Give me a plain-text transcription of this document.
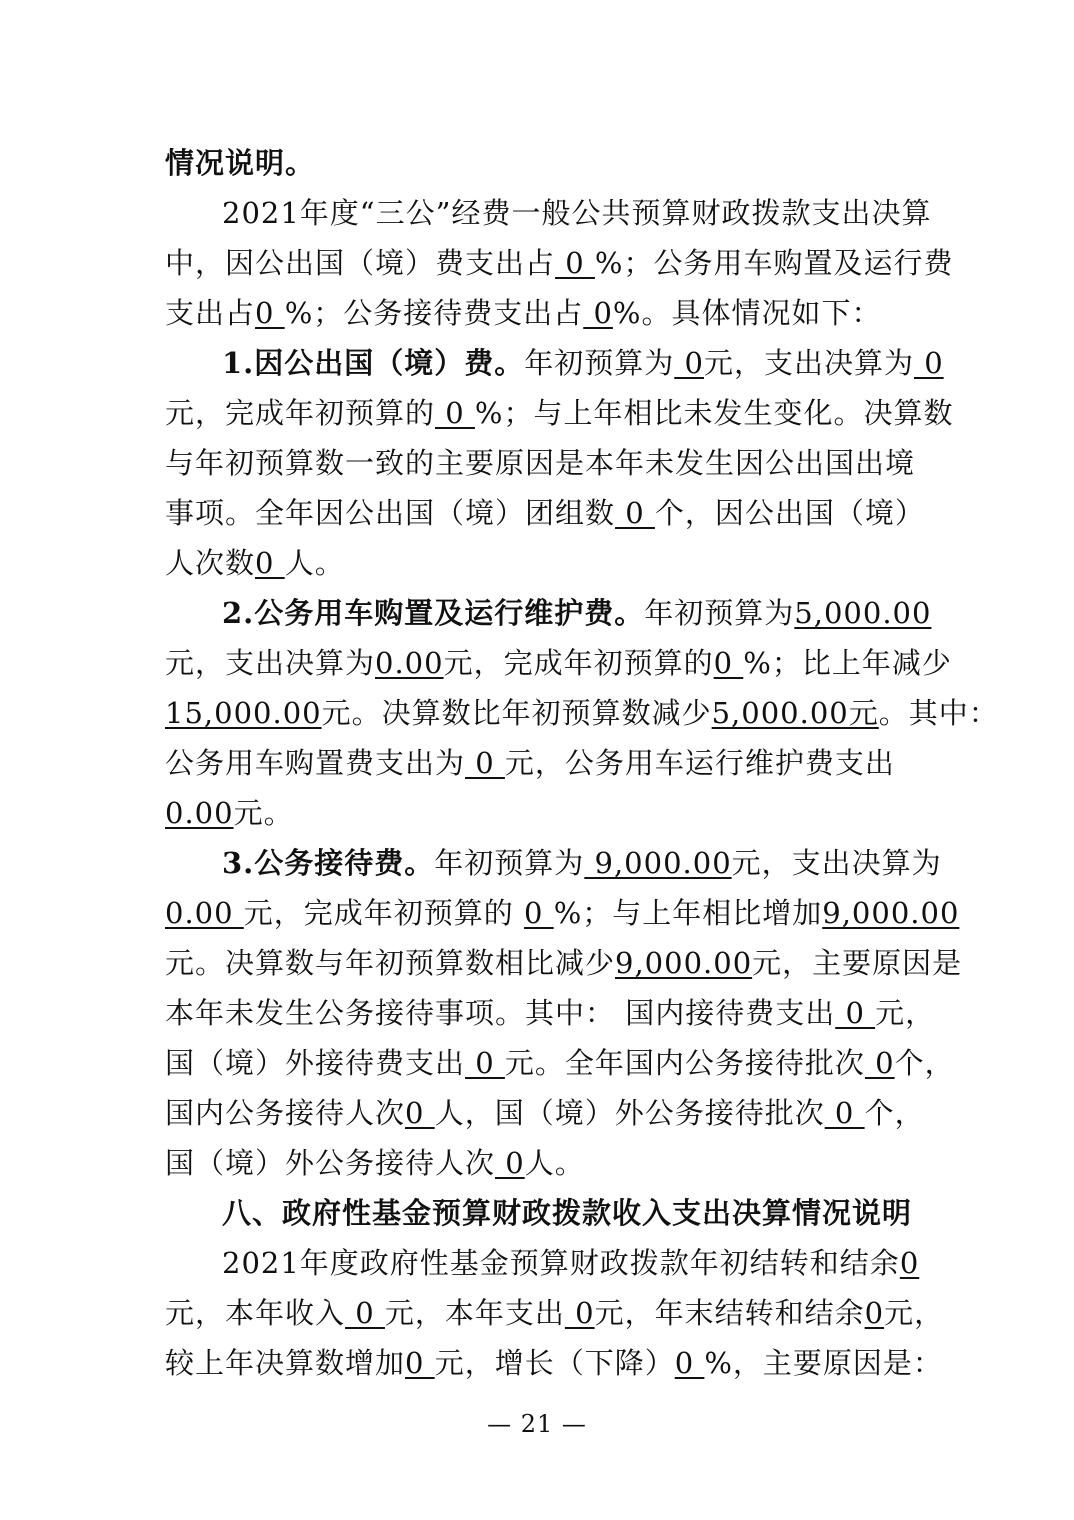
情况说明。
2021年度“三公”经费一般公共预算财政拨款支出决算
中，因公出国（境）费支出占 0 %；公务用车购置及运行费
支出占0 %；公务接待费支出占 0%。具体情况如下：
1.因公出国（境）费。年初预算为 0元，支出决算为 0
元，完成年初预算的 0 %；与上年相比未发生变化。决算数
与年初预算数一致的主要原因是本年未发生因公出国出境
事项。全年因公出国（境）团组数 0 个，因公出国（境）
人次数0 人。
2.公务用车购置及运行维护费。年初预算为5,000.00
元，支出决算为0.00元，完成年初预算的0 %；比上年减少
15,000.00元。决算数比年初预算数减少5,000.00元。其中：
公务用车购置费支出为 0 元，公务用车运行维护费支出
0.00元。
3.公务接待费。年初预算为 9,000.00元，支出决算为
0.00 元，完成年初预算的 0 %；与上年相比增加9,000.00
元。决算数与年初预算数相比减少9,000.00元，主要原因是
本年未发生公务接待事项。其中： 国内接待费支出 0 元，
国（境）外接待费支出 0 元。全年国内公务接待批次 0个，
国内公务接待人次0 人，国（境）外公务接待批次 0 个，
国（境）外公务接待人次 0人。
八、政府性基金预算财政拨款收入支出决算情况说明
2021年度政府性基金预算财政拨款年初结转和结余0
元，本年收入 0 元，本年支出 0元，年末结转和结余0元，
较上年决算数增加0 元，增长（下降）0 %，主要原因是：
— 21 —
